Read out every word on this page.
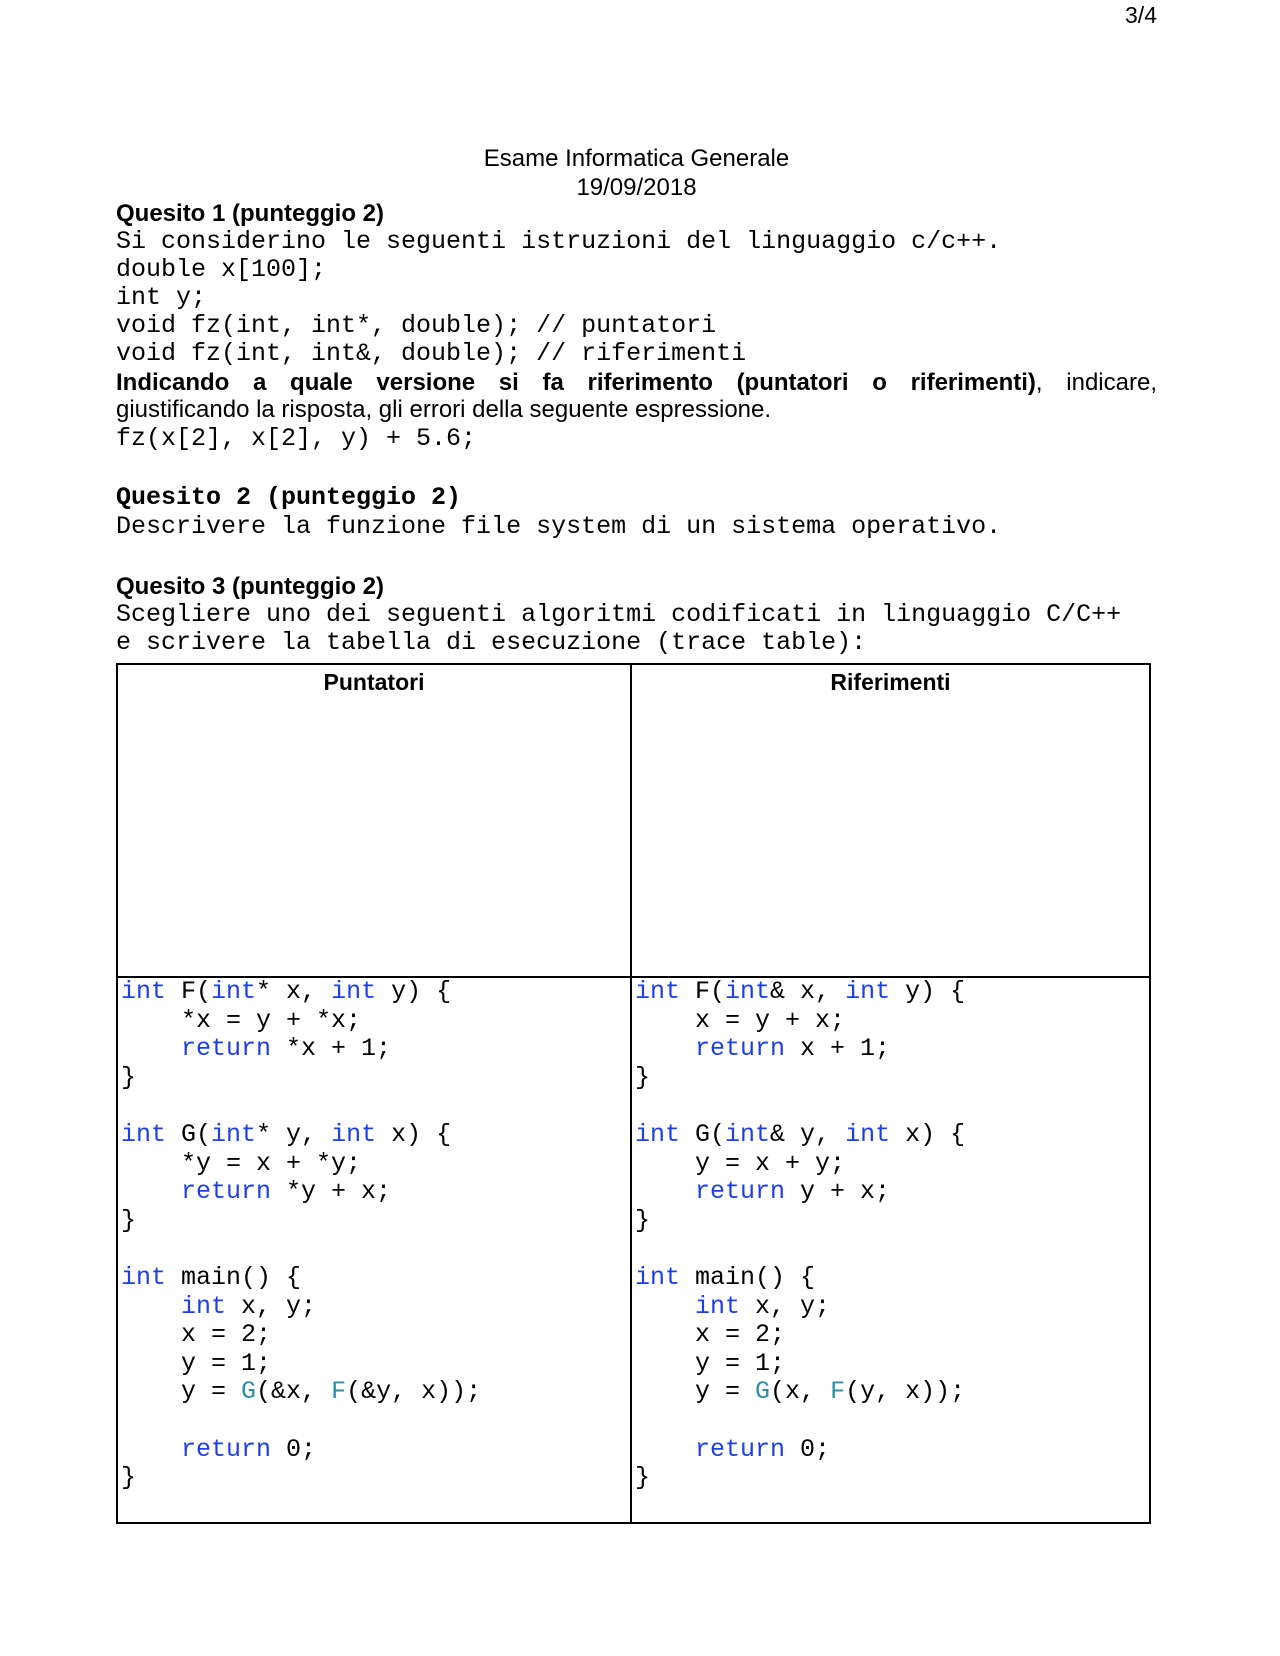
3/4
Esame Informatica Generale
19/09/2018
Quesito 1 (punteggio 2)
Si considerino le seguenti istruzioni del linguaggio c/c++.
double x[100];
int y;
void fz(int, int*, double); // puntatori
void fz(int, int&, double); // riferimenti
Indicando a quale versione si fa riferimento (puntatori o riferimenti), indicare,
giustificando la risposta, gli errori della seguente espressione.
fz(x[2], x[2], y) + 5.6;
Quesito 2 (punteggio 2)
Descrivere la funzione file system di un sistema operativo.
Quesito 3 (punteggio 2)
Scegliere uno dei seguenti algoritmi codificati in linguaggio C/C++
e scrivere la tabella di esecuzione (trace table):
Puntatori	Riferimenti
int F(int* x, int y) {
*x = y + *x;
return *x + 1;
}

int G(int* y, int x) {
*y = x + *y;
return *y + x;
}

int main() {
int x, y;
x = 2;
y = 1;
y = G(&x, F(&y, x));

return 0;
}
int F(int& x, int y) {
x = y + x;
return x + 1;
}

int G(int& y, int x) {
y = x + y;
return y + x;
}

int main() {
int x, y;
x = 2;
y = 1;
y = G(x, F(y, x));

return 0;
}
